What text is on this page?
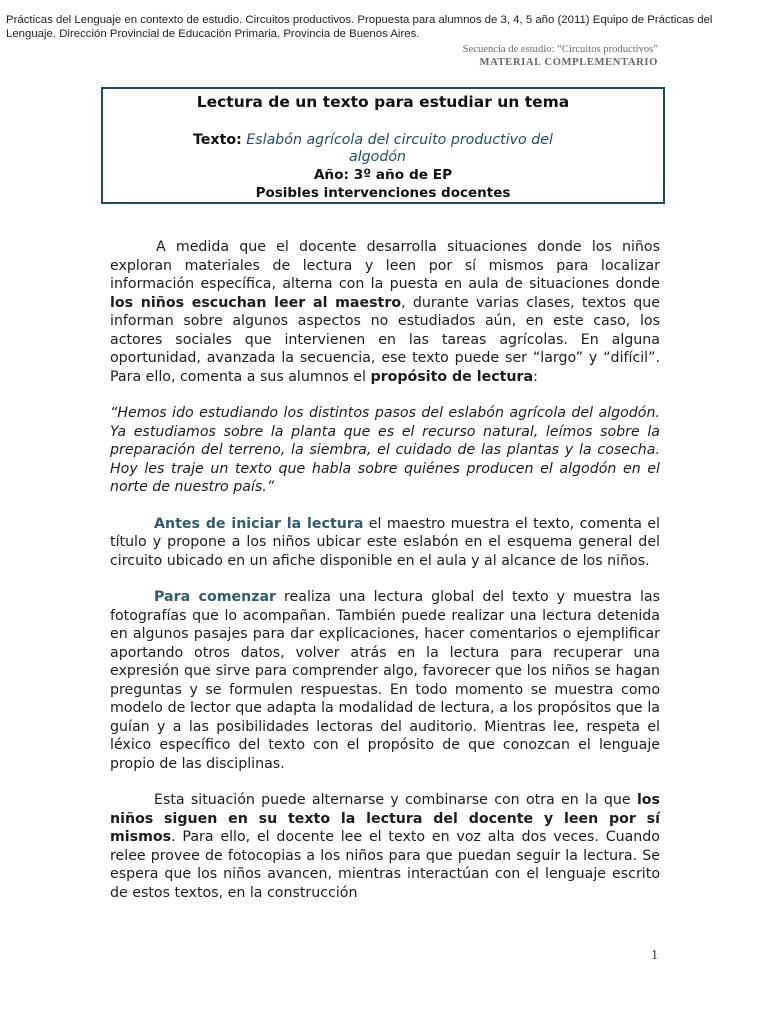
Prácticas del Lenguaje en contexto de estudio. Circuitos productivos. Propuesta para alumnos de 3, 4, 5 año (2011) Equipo de Prácticas del Lenguaje. Dirección Provincial de Educación Primaria. Provincia de Buenos Aires.
Secuencia de estudio: “Circuitos productivos”
MATERIAL COMPLEMENTARIO
Lectura de un texto para estudiar un tema
Texto: Eslabón agrícola del circuito productivo del
algodón
Año: 3º año de EP
Posibles intervenciones docentes

A medida que el docente desarrolla situaciones donde los niños exploran materiales de lectura y leen por sí mismos para localizar información específica, alterna con la puesta en aula de situaciones donde los niños escuchan leer al maestro, durante varias clases, textos que informan sobre algunos aspectos no estudiados aún, en este caso, los actores sociales que intervienen en las tareas agrícolas. En alguna oportunidad, avanzada la secuencia, ese texto puede ser “largo” y “difícil”. Para ello, comenta a sus alumnos el propósito de lectura:

“Hemos ido estudiando los distintos pasos del eslabón agrícola del algodón. Ya estudiamos sobre la planta que es el recurso natural, leímos sobre la preparación del terreno, la siembra, el cuidado de las plantas y la cosecha. Hoy les traje un texto que habla sobre quiénes producen el algodón en el norte de nuestro país.”

Antes de iniciar la lectura el maestro muestra el texto, comenta el título y propone a los niños ubicar este eslabón en el esquema general del circuito ubicado en un afiche disponible en el aula y al alcance de los niños.

Para comenzar realiza una lectura global del texto y muestra las fotografías que lo acompañan. También puede realizar una lectura detenida en algunos pasajes para dar explicaciones, hacer comentarios o ejemplificar aportando otros datos, volver atrás en la lectura para recuperar una expresión que sirve para comprender algo, favorecer que los niños se hagan preguntas y se formulen respuestas. En todo momento se muestra como modelo de lector que adapta la modalidad de lectura, a los propósitos que la guían y a las posibilidades lectoras del auditorio. Mientras lee, respeta el léxico específico del texto con el propósito de que conozcan el lenguaje propio de las disciplinas.

Esta situación puede alternarse y combinarse con otra en la que los niños siguen en su texto la lectura del docente y leen por sí mismos. Para ello, el docente lee el texto en voz alta dos veces. Cuando relee provee de fotocopias a los niños para que puedan seguir la lectura. Se espera que los niños avancen, mientras interactúan con el lenguaje escrito de estos textos, en la construcción

1
